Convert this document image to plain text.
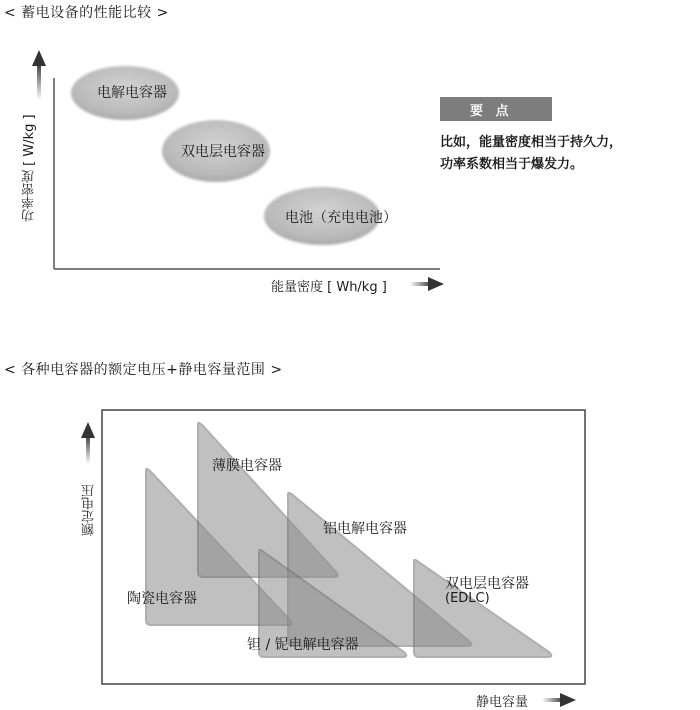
< 蓄电设备的性能比较 >
功率密度 [ W/kg ]
能量密度 [ Wh/kg ]
电解电容器
双电层电容器
电池（充电电池）
要 点
比如，能量密度相当于持久力，
功率系数相当于爆发力。
< 各种电容器的额定电压+静电容量范围 >
额定电压
静电容量
薄膜电容器
铝电解电容器
陶瓷电容器
钽 / 铌电解电容器
双电层电容器
(EDLC)
